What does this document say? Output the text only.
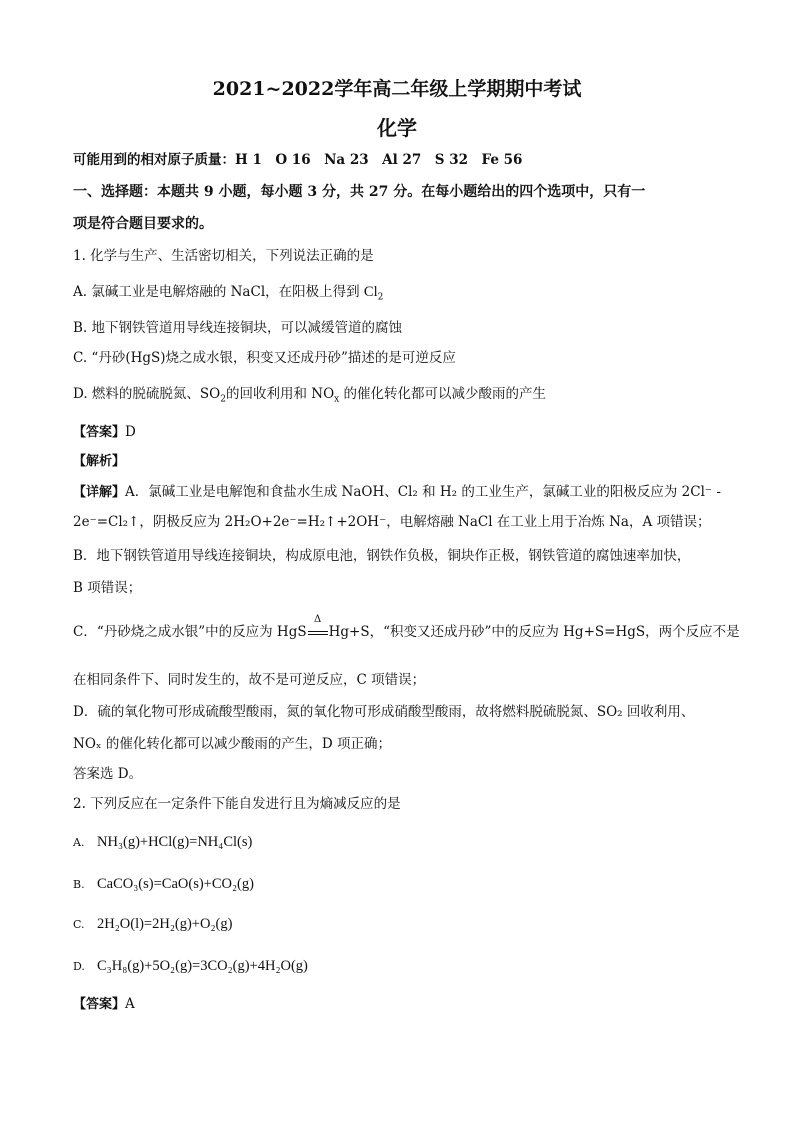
2021~2022学年高二年级上学期期中考试
化学
可能用到的相对原子质量：H 1　O 16　Na 23　Al 27　S 32　Fe 56
一、选择题：本题共 9 小题，每小题 3 分，共 27 分。在每小题给出的四个选项中，只有一
项是符合题目要求的。
1. 化学与生产、生活密切相关，下列说法正确的是
A. 氯碱工业是电解熔融的 NaCl，在阳极上得到 $Cl_2$
B. 地下钢铁管道用导线连接铜块，可以减缓管道的腐蚀
C. “丹砂(HgS)烧之成水银，积变又还成丹砂”描述的是可逆反应
D. 燃料的脱硫脱氮、$SO_2$的回收利用和 $NO_x$ 的催化转化都可以减少酸雨的产生
【答案】D
【解析】
【详解】A．氯碱工业是电解饱和食盐水生成 NaOH、Cl₂ 和 H₂ 的工业生产，氯碱工业的阳极反应为 2Cl⁻ -
2e⁻=Cl₂↑，阴极反应为 2H₂O+2e⁻=H₂↑+2OH⁻，电解熔融 NaCl 在工业上用于冶炼 Na，A 项错误；
B．地下钢铁管道用导线连接铜块，构成原电池，钢铁作负极，铜块作正极，钢铁管道的腐蚀速率加快，
B 项错误；
C．“丹砂烧之成水银”中的反应为 HgS
Δ
Hg+S，“积变又还成丹砂”中的反应为 Hg+S=HgS，两个反应不是
在相同条件下、同时发生的，故不是可逆反应，C 项错误；
D．硫的氧化物可形成硫酸型酸雨，氮的氧化物可形成硝酸型酸雨，故将燃料脱硫脱氮、SO₂ 回收利用、
NOₓ 的催化转化都可以减少酸雨的产生，D 项正确；
答案选 D。
2. 下列反应在一定条件下能自发进行且为熵减反应的是
A. NH₃(g)+HCl(g)=NH₄Cl(s)
B. CaCO₃(s)=CaO(s)+CO₂(g)
C. 2H₂O(l)=2H₂(g)+O₂(g)
D. C₃H₈(g)+5O₂(g)=3CO₂(g)+4H₂O(g)
【答案】A
